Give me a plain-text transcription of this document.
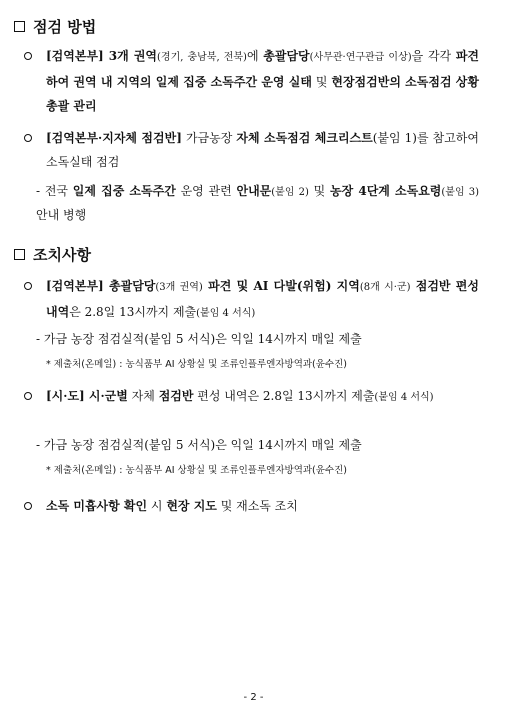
점검 방법
[검역본부] 3개 권역(경기, 충남북, 전북)에 총괄담당(사무관·연구관급 이상)을 각각 파견하여 권역 내 지역의 일제 집중 소독주간 운영 실태 및 현장점검반의 소독점검 상황 총괄 관리
[검역본부·지자체 점검반] 가금농장 자체 소독점검 체크리스트(붙임 1)를 참고하여 소독실태 점검
- 전국 일제 집중 소독주간 운영 관련 안내문(붙임 2) 및 농장 4단계 소독요령(붙임 3) 안내 병행
조치사항
[검역본부] 총괄담당(3개 권역) 파견 및 AI 다발(위험) 지역(8개 시·군) 점검반 편성 내역은 2.8일 13시까지 제출(붙임 4 서식)
- 가금 농장 점검실적(붙임 5 서식)은 익일 14시까지 매일 제출
* 제출처(온메일) : 농식품부 AI 상황실 및 조류인플루엔자방역과(윤수진)
[시·도] 시·군별 자체 점검반 편성 내역은 2.8일 13시까지 제출(붙임 4 서식)
- 가금 농장 점검실적(붙임 5 서식)은 익일 14시까지 매일 제출
* 제출처(온메일) : 농식품부 AI 상황실 및 조류인플루엔자방역과(윤수진)
소독 미흡사항 확인 시 현장 지도 및 재소독 조치
- 2 -
